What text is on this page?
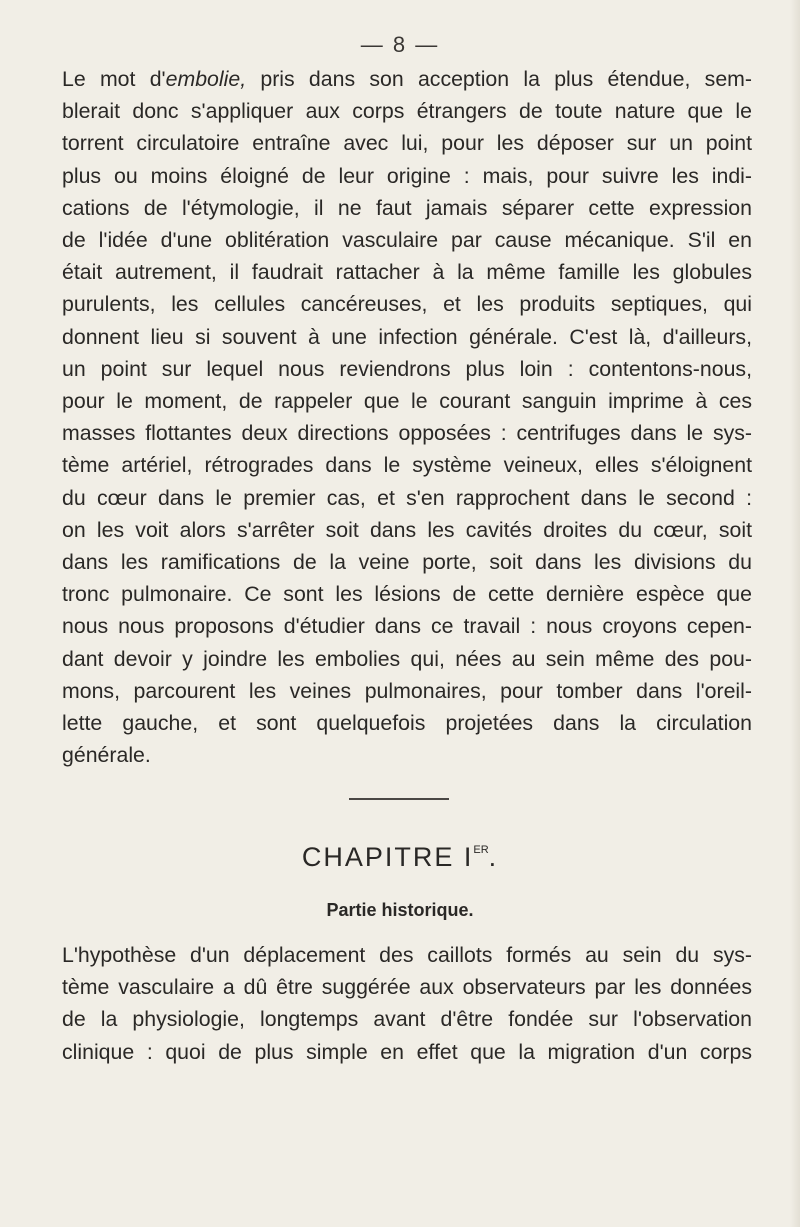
— 8 —
Le mot d'embolie, pris dans son acception la plus étendue, sem-
blerait donc s'appliquer aux corps étrangers de toute nature que le
torrent circulatoire entraîne avec lui, pour les déposer sur un point
plus ou moins éloigné de leur origine : mais, pour suivre les indi-
cations de l'étymologie, il ne faut jamais séparer cette expression
de l'idée d'une oblitération vasculaire par cause mécanique. S'il en
était autrement, il faudrait rattacher à la même famille les globules
purulents, les cellules cancéreuses, et les produits septiques, qui
donnent lieu si souvent à une infection générale. C'est là, d'ailleurs,
un point sur lequel nous reviendrons plus loin : contentons-nous,
pour le moment, de rappeler que le courant sanguin imprime à ces
masses flottantes deux directions opposées : centrifuges dans le sys-
tème artériel, rétrogrades dans le système veineux, elles s'éloignent
du cœur dans le premier cas, et s'en rapprochent dans le second :
on les voit alors s'arrêter soit dans les cavités droites du cœur, soit
dans les ramifications de la veine porte, soit dans les divisions du
tronc pulmonaire. Ce sont les lésions de cette dernière espèce que
nous nous proposons d'étudier dans ce travail : nous croyons cepen-
dant devoir y joindre les embolies qui, nées au sein même des pou-
mons, parcourent les veines pulmonaires, pour tomber dans l'oreil-
lette gauche, et sont quelquefois projetées dans la circulation
générale.
CHAPITRE IER.
Partie historique.
L'hypothèse d'un déplacement des caillots formés au sein du sys-
tème vasculaire a dû être suggérée aux observateurs par les données
de la physiologie, longtemps avant d'être fondée sur l'observation
clinique : quoi de plus simple en effet que la migration d'un corps
